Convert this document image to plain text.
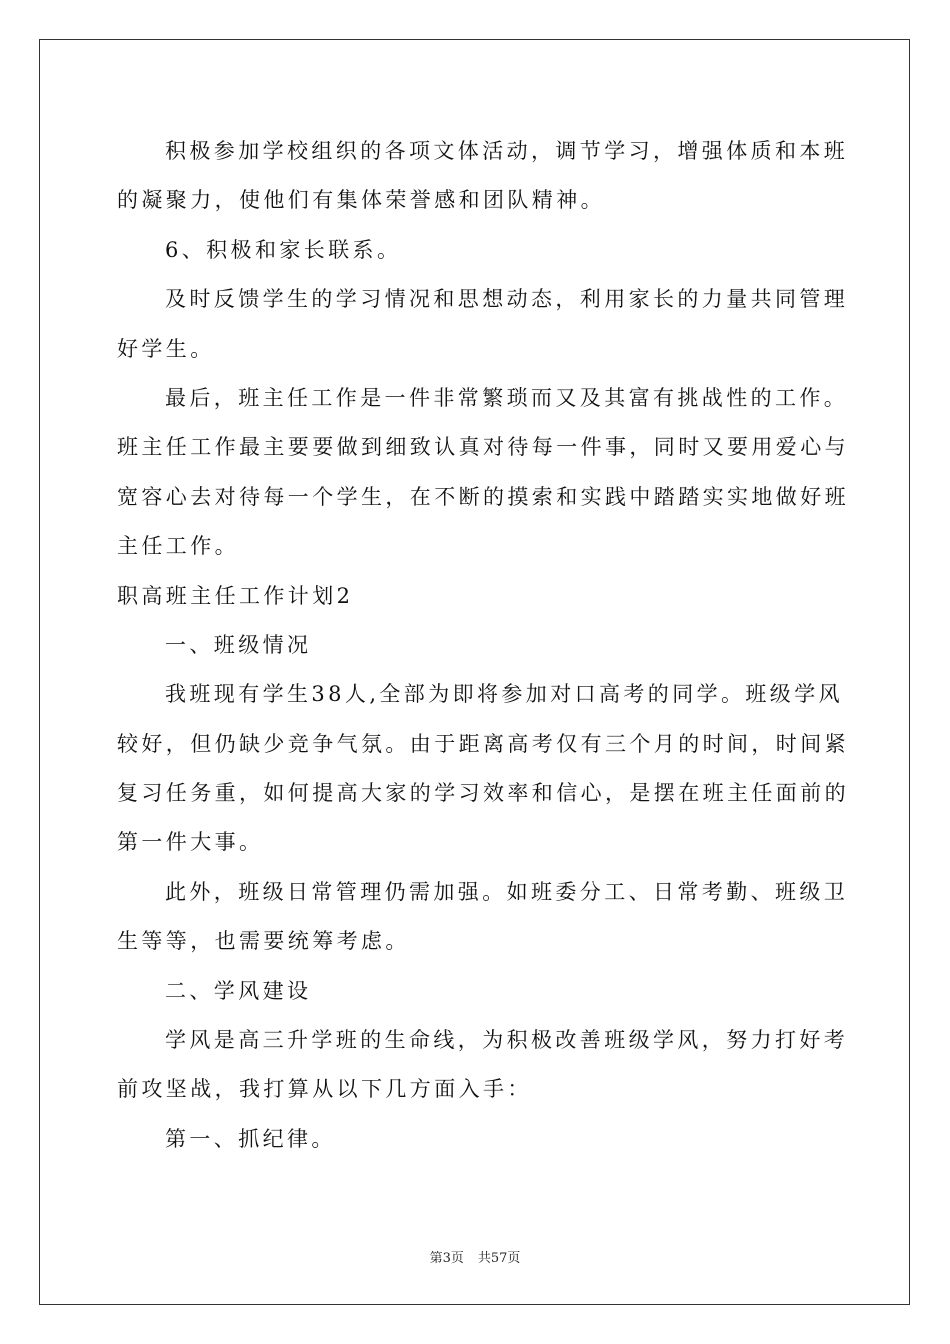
积极参加学校组织的各项文体活动，调节学习，增强体质和本班
的凝聚力，使他们有集体荣誉感和团队精神。
6、积极和家长联系。
及时反馈学生的学习情况和思想动态，利用家长的力量共同管理
好学生。
最后，班主任工作是一件非常繁琐而又及其富有挑战性的工作。
班主任工作最主要要做到细致认真对待每一件事，同时又要用爱心与
宽容心去对待每一个学生，在不断的摸索和实践中踏踏实实地做好班
主任工作。
职高班主任工作计划2
一、班级情况
我班现有学生38人,全部为即将参加对口高考的同学。班级学风
较好，但仍缺少竞争气氛。由于距离高考仅有三个月的时间，时间紧
复习任务重，如何提高大家的学习效率和信心，是摆在班主任面前的
第一件大事。
此外，班级日常管理仍需加强。如班委分工、日常考勤、班级卫
生等等，也需要统筹考虑。
二、学风建设
学风是高三升学班的生命线，为积极改善班级学风，努力打好考
前攻坚战，我打算从以下几方面入手：
第一、抓纪律。
第3页 共57页
